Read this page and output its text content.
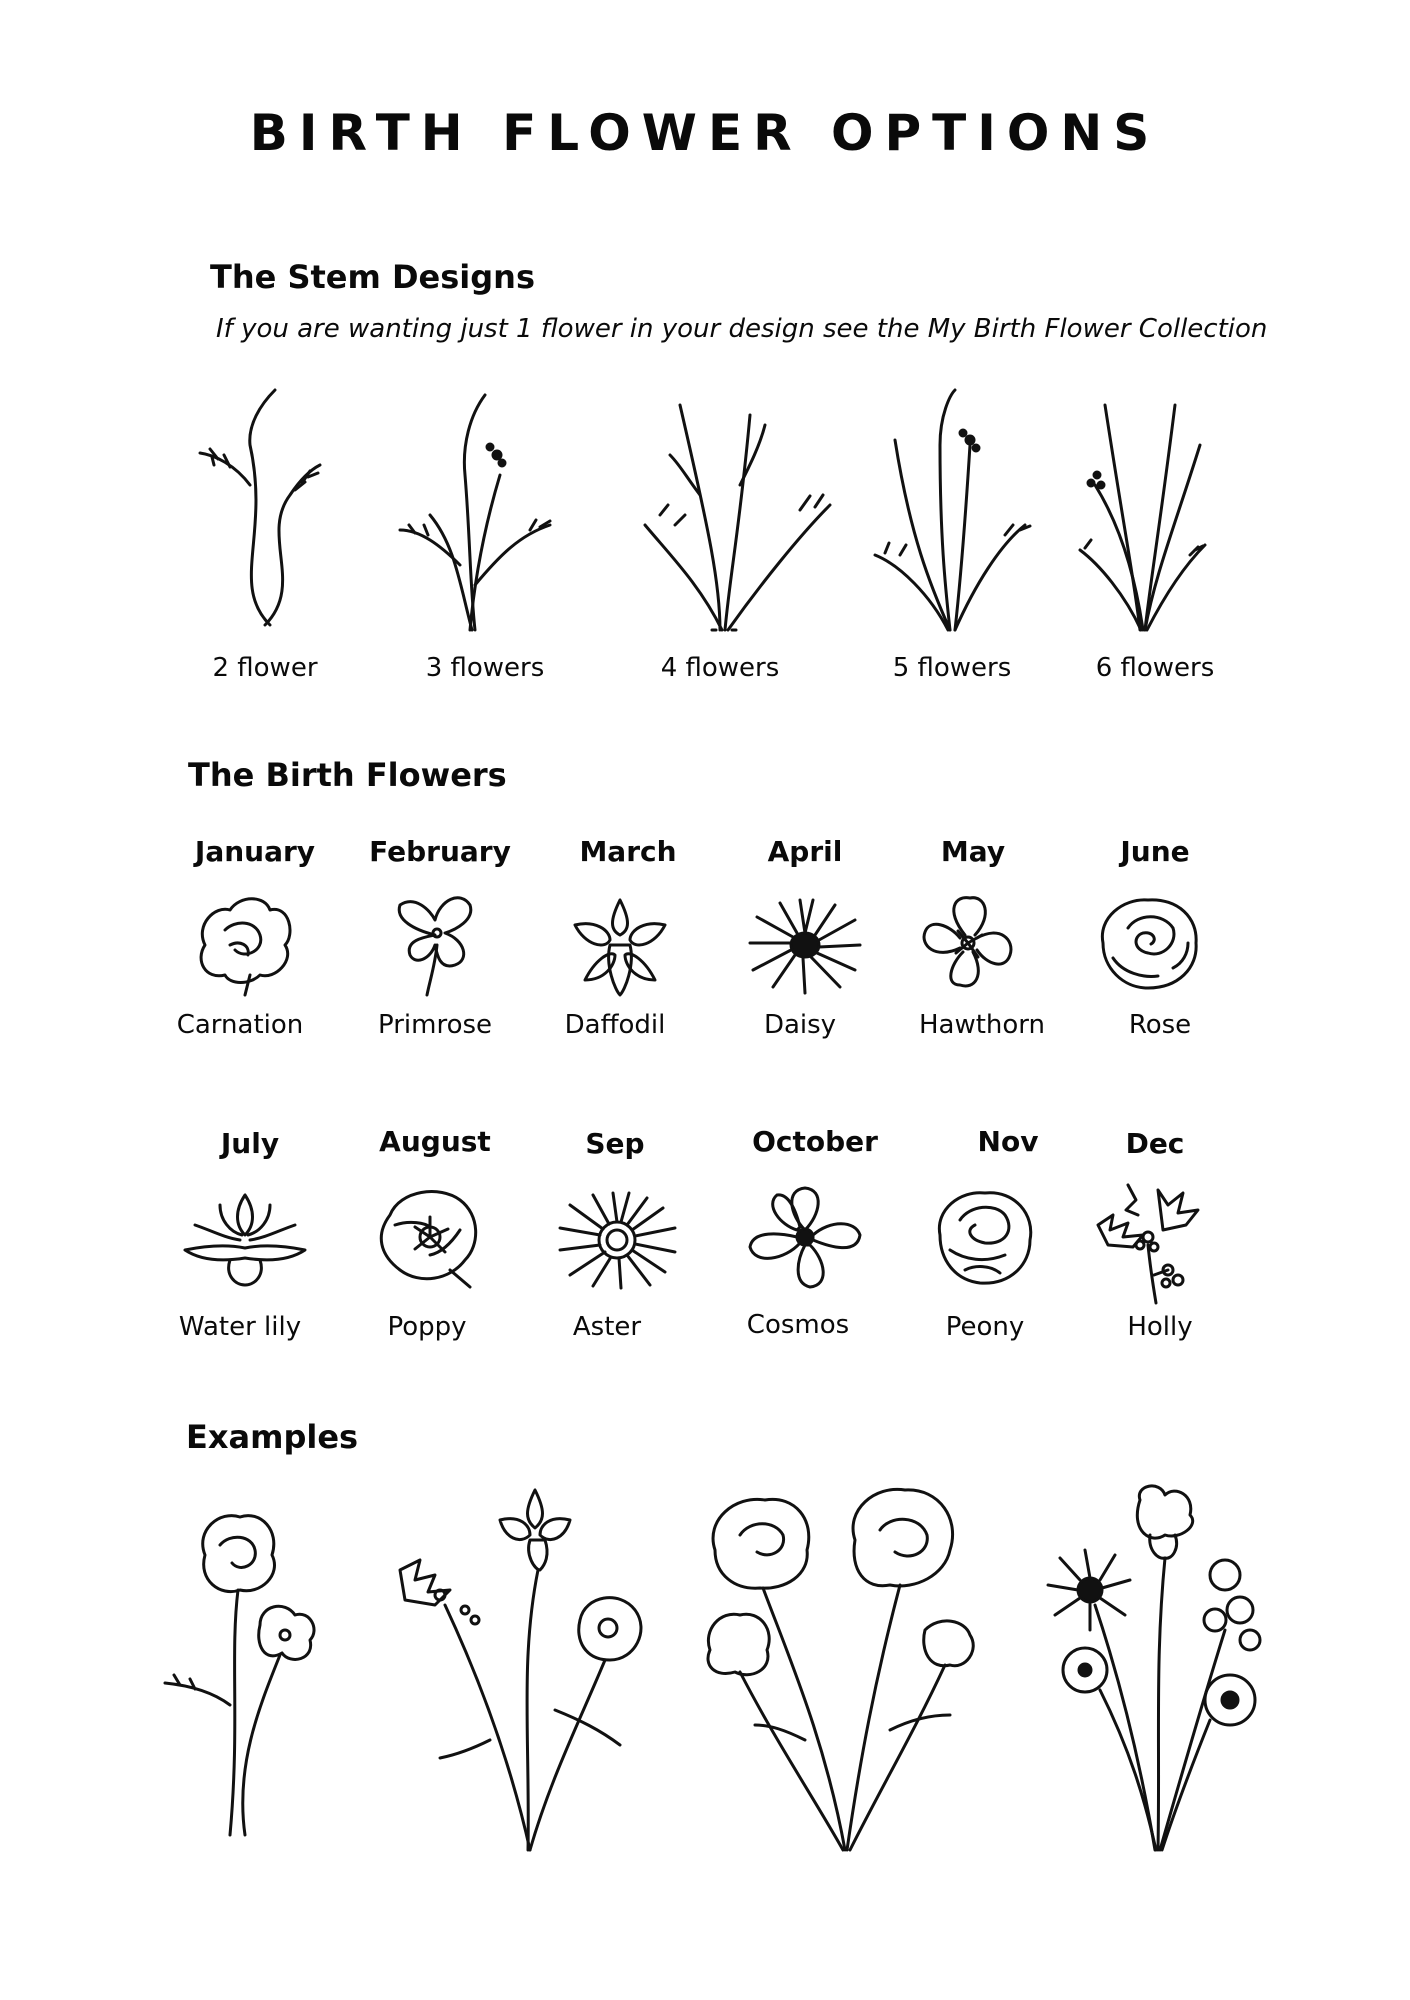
BIRTH FLOWER OPTIONS
The Stem Designs
If you are wanting just 1 flower in your design see the My Birth Flower Collection
2 flower	3 flowers	4 flowers	5 flowers	6 flowers
The Birth Flowers
January	February	March	April	May	June
Carnation	Primrose	Daffodil	Daisy	Hawthorn	Rose
July	August	Sep	October	Nov	Dec
Water lily	Poppy	Aster	Cosmos	Peony	Holly
Examples
